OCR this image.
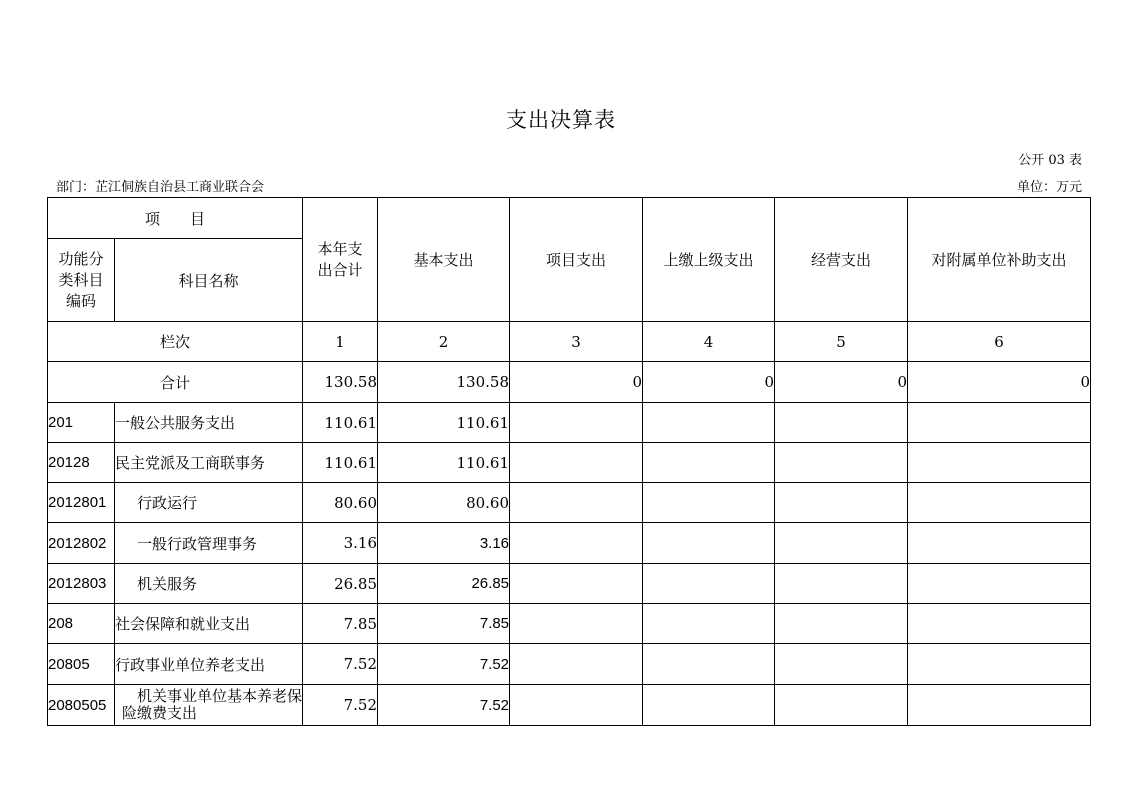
支出决算表
公开 03 表
部门：芷江侗族自治县工商业联合会	单位：万元
项　　目		本年支出合计	基本支出	项目支出	上缴上级支出	经营支出	对附属单位补助支出

功能分类科目编码	科目名称						
栏次		1	2	3	4	5	6
合计		130.58	130.58	0	0	0	0
201	一般公共服务支出	110.61	110.61				
20128	民主党派及工商联事务	110.61	110.61				
2012801	行政运行	80.60	80.60				
2012802	一般行政管理事务	3.16	3.16				
2012803	机关服务	26.85	26.85				
208	社会保障和就业支出	7.85	7.85				
20805	行政事业单位养老支出	7.52	7.52				
2080505	机关事业单位基本养老保险缴费支出	7.52	7.52				
